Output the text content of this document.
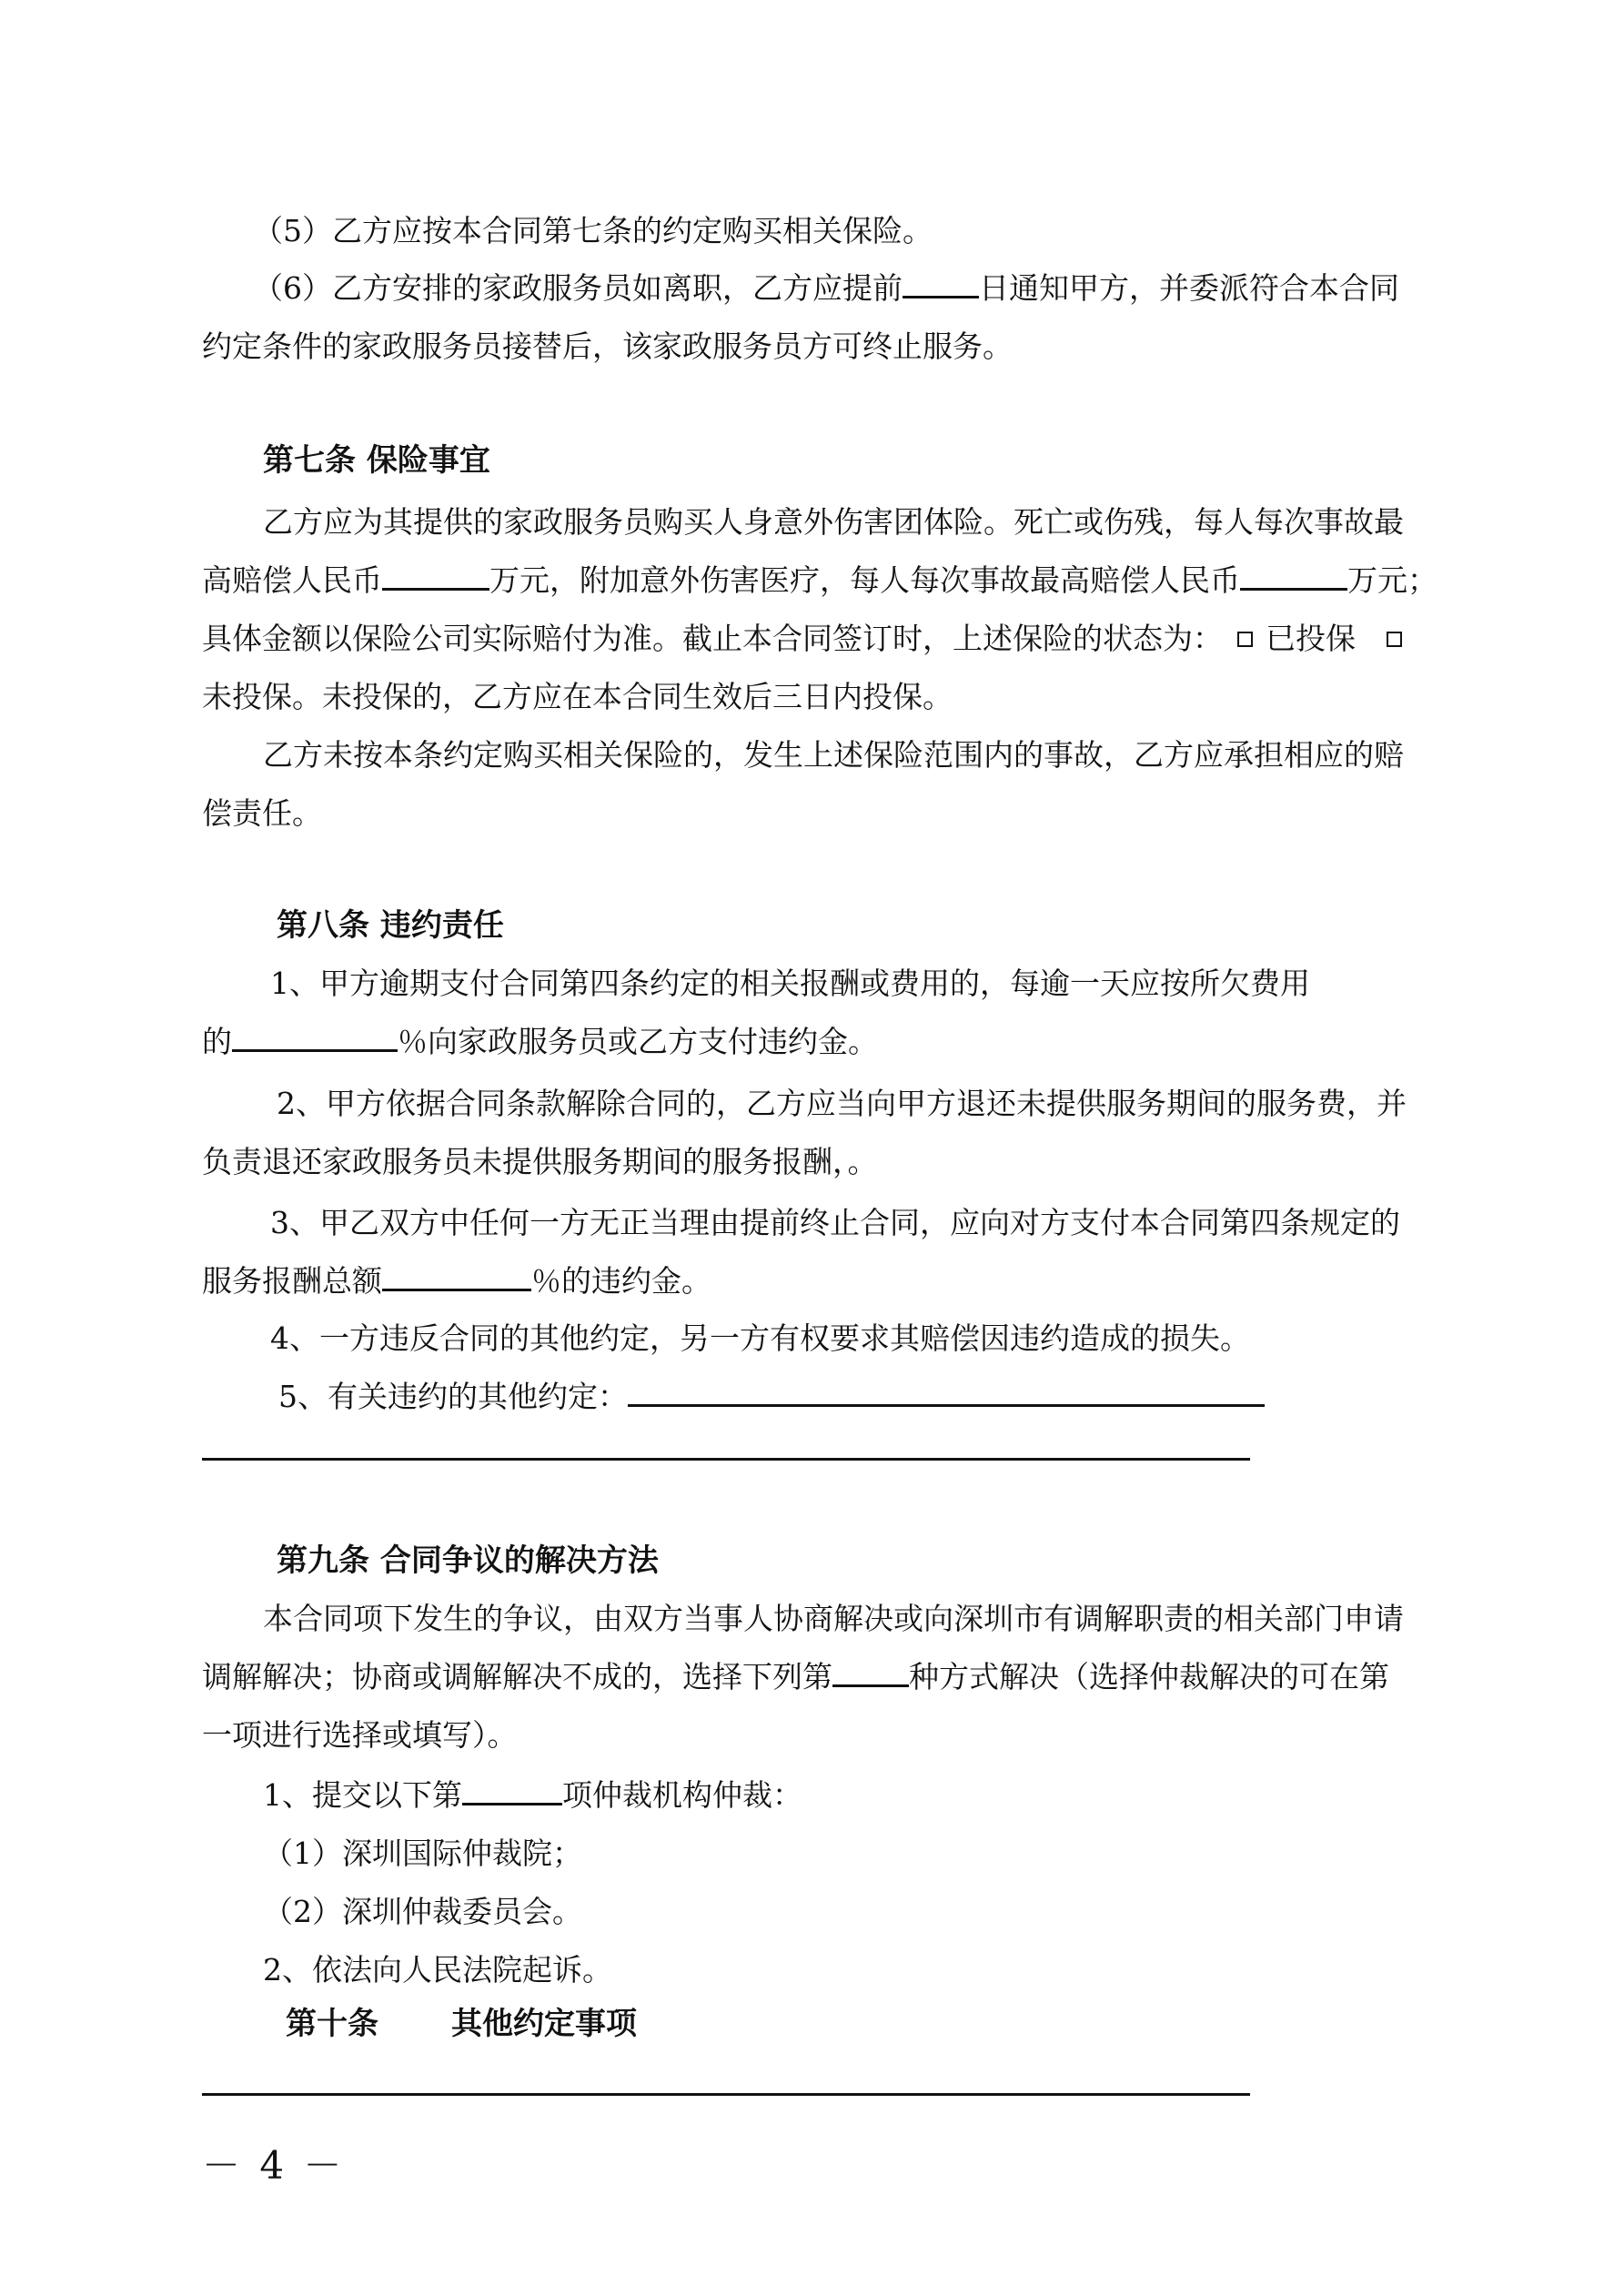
（5）乙方应按本合同第七条的约定购买相关保险。
（6）乙方安排的家政服务员如离职，乙方应提前	日通知甲方，并委派符合本合同
约定条件的家政服务员接替后，该家政服务员方可终止服务。
第七条 保险事宜
乙方应为其提供的家政服务员购买人身意外伤害团体险。死亡或伤残，每人每次事故最
高赔偿人民币	万元，附加意外伤害医疗，每人每次事故最高赔偿人民币	万元；
具体金额以保险公司实际赔付为准。截止本合同签订时，上述保险的状态为： 已投保
未投保。未投保的，乙方应在本合同生效后三日内投保。
乙方未按本条约定购买相关保险的，发生上述保险范围内的事故，乙方应承担相应的赔
偿责任。
第八条 违约责任
1、甲方逾期支付合同第四条约定的相关报酬或费用的，每逾一天应按所欠费用
的	％向家政服务员或乙方支付违约金。
2、甲方依据合同条款解除合同的，乙方应当向甲方退还未提供服务期间的服务费，并
负责退还家政服务员未提供服务期间的服务报酬，。
3、甲乙双方中任何一方无正当理由提前终止合同，应向对方支付本合同第四条规定的
服务报酬总额	％的违约金。
4、一方违反合同的其他约定，另一方有权要求其赔偿因违约造成的损失。
5、有关违约的其他约定：
第九条 合同争议的解决方法
本合同项下发生的争议，由双方当事人协商解决或向深圳市有调解职责的相关部门申请
调解解决；协商或调解解决不成的，选择下列第	种方式解决（选择仲裁解决的可在第
一项进行选择或填写）。
1、提交以下第	项仲裁机构仲裁：
（1）深圳国际仲裁院；
（2）深圳仲裁委员会。
2、依法向人民法院起诉。
第十条 其他约定事项
－ 4 －
